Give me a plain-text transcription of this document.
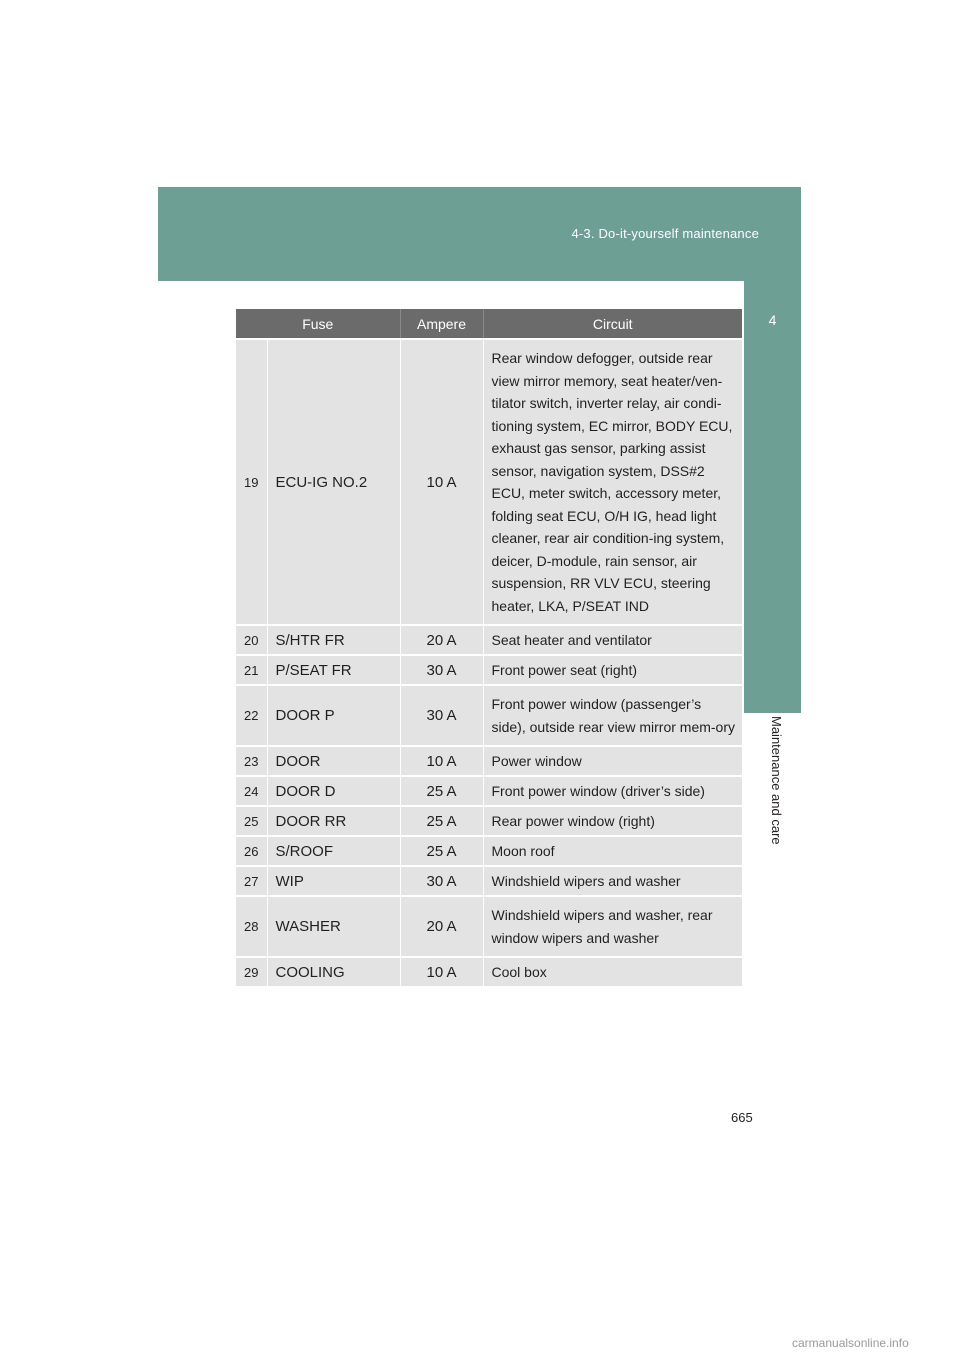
4-3. Do-it-yourself maintenance
4
Maintenance and care
Fuse		Ampere	Circuit
19	ECU-IG NO.2	10 A	Rear window defogger, outside rear view mirror memory, seat heater/ven-tilator switch, inverter relay, air condi-tioning system, EC mirror, BODY ECU, exhaust gas sensor, parking assist sensor, navigation system, DSS#2 ECU, meter switch, accessory meter, folding seat ECU, O/H IG, head light cleaner, rear air condition-ing system, deicer, D-module, rain sensor, air suspension, RR VLV ECU, steering heater, LKA, P/SEAT IND
20	S/HTR FR	20 A	Seat heater and ventilator
21	P/SEAT FR	30 A	Front power seat (right)
22	DOOR P	30 A	Front power window (passenger’s side), outside rear view mirror mem-ory
23	DOOR	10 A	Power window
24	DOOR D	25 A	Front power window (driver’s side)
25	DOOR RR	25 A	Rear power window (right)
26	S/ROOF	25 A	Moon roof
27	WIP	30 A	Windshield wipers and washer
28	WASHER	20 A	Windshield wipers and washer, rear window wipers and washer
29	COOLING	10 A	Cool box
665
carmanualsonline.info
